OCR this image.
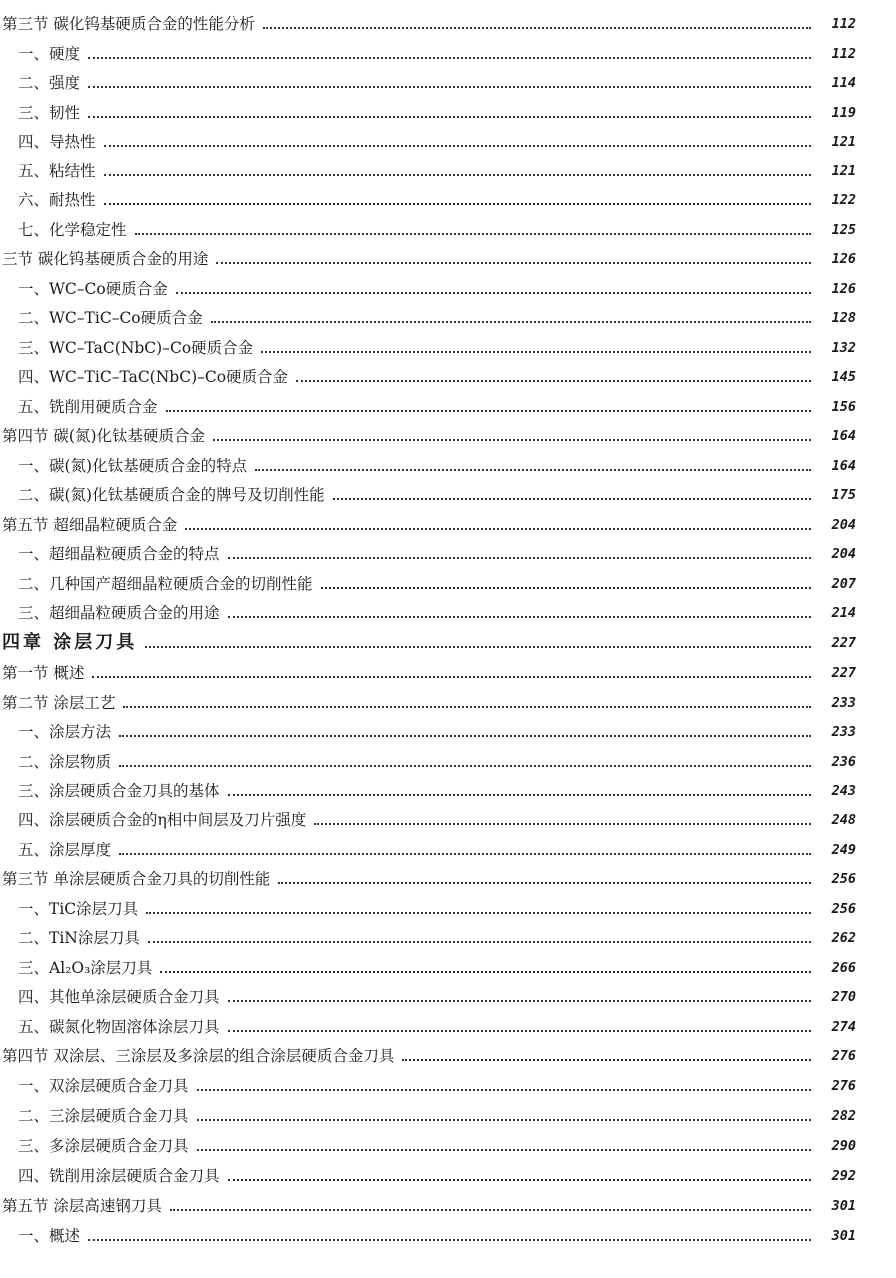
第三节 碳化钨基硬质合金的性能分析	112
一、硬度	112
二、强度	114
三、韧性	119
四、导热性	121
五、粘结性	121
六、耐热性	122
七、化学稳定性	125
三节 碳化钨基硬质合金的用途	126
一、WC–Co硬质合金	126
二、WC–TiC–Co硬质合金	128
三、WC–TaC(NbC)–Co硬质合金	132
四、WC–TiC–TaC(NbC)–Co硬质合金	145
五、铣削用硬质合金	156
第四节 碳(氮)化钛基硬质合金	164
一、碳(氮)化钛基硬质合金的特点	164
二、碳(氮)化钛基硬质合金的牌号及切削性能	175
第五节 超细晶粒硬质合金	204
一、超细晶粒硬质合金的特点	204
二、几种国产超细晶粒硬质合金的切削性能	207
三、超细晶粒硬质合金的用途	214
四章 涂层刀具	227
第一节 概述	227
第二节 涂层工艺	233
一、涂层方法	233
二、涂层物质	236
三、涂层硬质合金刀具的基体	243
四、涂层硬质合金的η相中间层及刀片强度	248
五、涂层厚度	249
第三节 单涂层硬质合金刀具的切削性能	256
一、TiC涂层刀具	256
二、TiN涂层刀具	262
三、Al₂O₃涂层刀具	266
四、其他单涂层硬质合金刀具	270
五、碳氮化物固溶体涂层刀具	274
第四节 双涂层、三涂层及多涂层的组合涂层硬质合金刀具	276
一、双涂层硬质合金刀具	276
二、三涂层硬质合金刀具	282
三、多涂层硬质合金刀具	290
四、铣削用涂层硬质合金刀具	292
第五节 涂层高速钢刀具	301
一、概述	301
